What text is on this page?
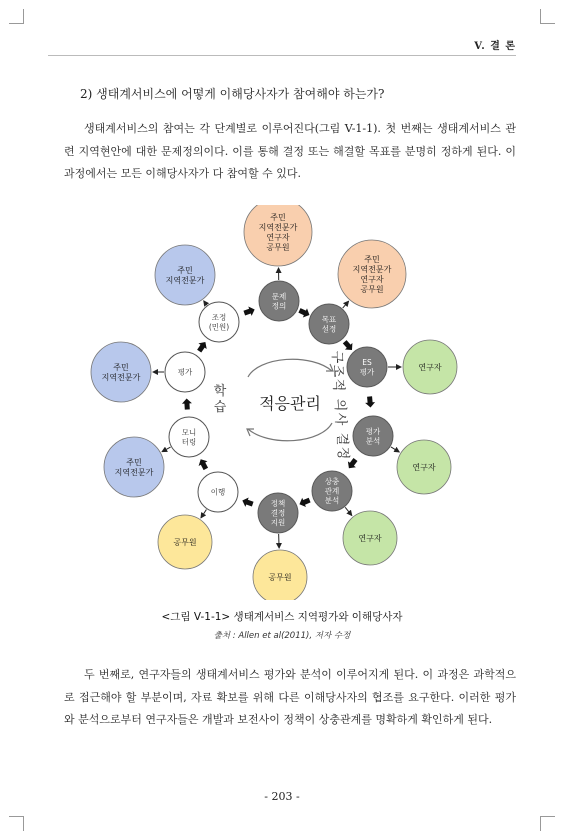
V. 결 론
2) 생태계서비스에 어떻게 이해당사자가 참여해야 하는가?

생태계서비스의 참여는 각 단계별로 이루어진다(그림 V-1-1). 첫 번째는 생태계서비스 관련 지역현안에 대한 문제정의이다. 이를 통해 결정 또는 해결할 목표를 분명히 정하게 된다. 이 과정에서는 모든 이해당사자가 다 참여할 수 있다.

적응관리
학 습
구
조
적
의
사
결
정
문제
정의
목표
설정
ES
평가
평가
분석
상충
관계
분석
정책
결정
지원
이행
모니
터링
평가
조정
(민원)
주민
지역전문가
연구자
공무원
주민
지역전문가
연구자
공무원
연구자
연구자
연구자
공무원
공무원
주민
지역전문가
주민
지역전문가
주민
지역전문가
<그림 V-1-1> 생태계서비스 지역평가와 이해당사자
출처 : Allen et al(2011), 저자 수정

두 번째로, 연구자들의 생태계서비스 평가와 분석이 이루어지게 된다. 이 과정은 과학적으로 접근해야 할 부분이며, 자료 확보를 위해 다른 이해당사자의 협조를 요구한다. 이러한 평가와 분석으로부터 연구자들은 개발과 보전사이 정책이 상충관계를 명확하게 확인하게 된다.

- 203 -
